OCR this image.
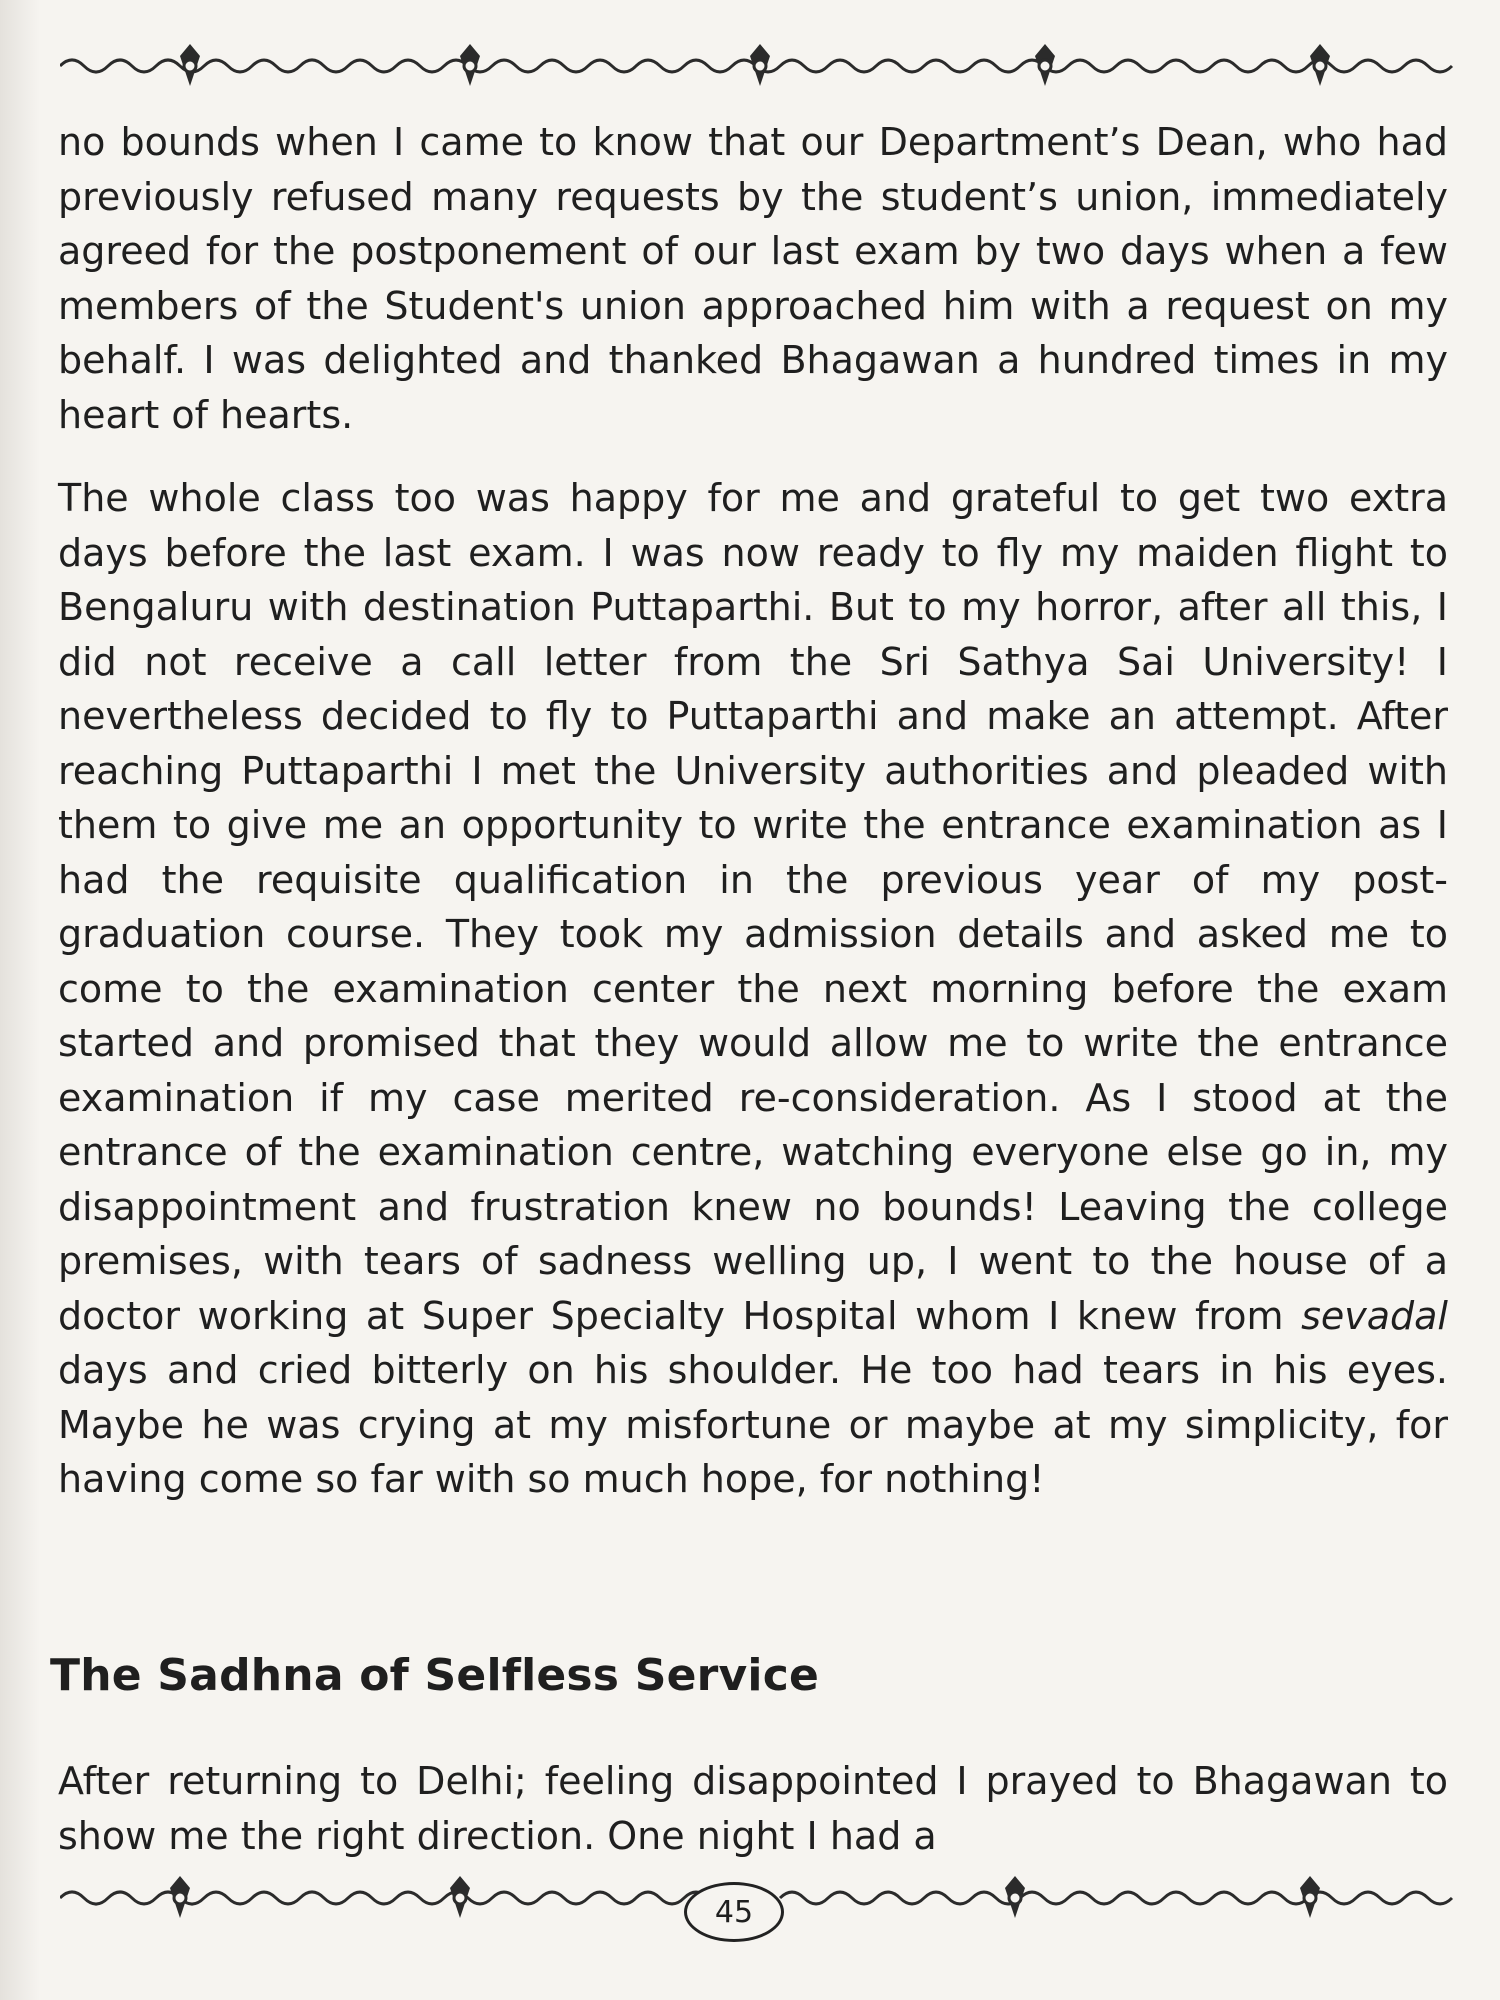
no bounds when I came to know that our Department’s Dean, who had previously refused many requests by the student’s union, immediately agreed for the postponement of our last exam by two days when a few members of the Student's union approached him with a request on my behalf. I was delighted and thanked Bhagawan a hundred times in my heart of hearts.

The whole class too was happy for me and grateful to get two extra days before the last exam. I was now ready to fly my maiden flight to Bengaluru with destination Puttaparthi. But to my horror, after all this, I did not receive a call letter from the Sri Sathya Sai University! I nevertheless decided to fly to Puttaparthi and make an attempt. After reaching Puttaparthi I met the University authorities and pleaded with them to give me an opportunity to write the entrance examination as I had the requisite qualification in the previous year of my post-graduation course. They took my admission details and asked me to come to the examination center the next morning before the exam started and promised that they would allow me to write the entrance examination if my case merited re-consideration. As I stood at the entrance of the examination centre, watching everyone else go in, my disappointment and frustration knew no bounds! Leaving the college premises, with tears of sadness welling up, I went to the house of a doctor working at Super Specialty Hospital whom I knew from sevadal days and cried bitterly on his shoulder. He too had tears in his eyes. Maybe he was crying at my misfortune or maybe at my simplicity, for having come so far with so much hope, for nothing!

The Sadhna of Selfless Service

After returning to Delhi; feeling disappointed I prayed to Bhagawan to show me the right direction. One night I had a

45
